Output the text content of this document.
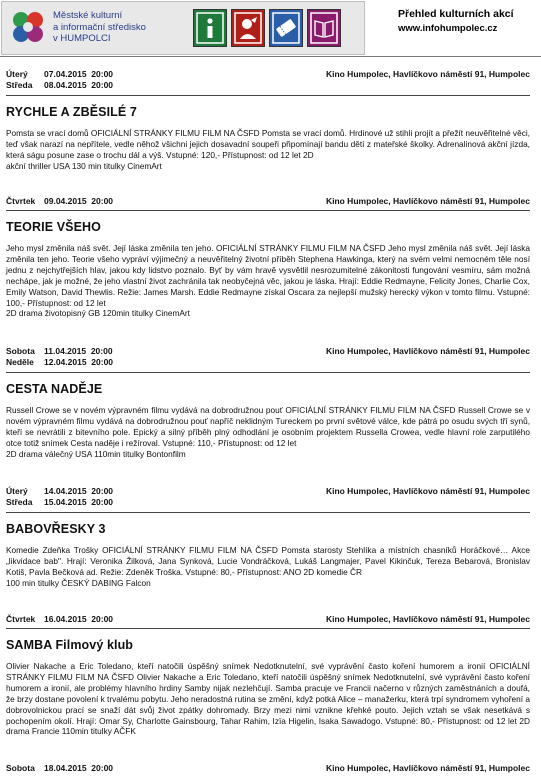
Městské kulturní
a informační středisko
v HUMPOLCI
Přehled kulturních akcí
www.infohumpolec.cz
Úterý 07.04.2015 20:00
Středa 08.04.2015 20:00
Kino Humpolec, Havlíčkovo náměstí 91, Humpolec
RYCHLE A ZBĚSILÉ 7
Pomsta se vrací domů OFICIÁLNÍ STRÁNKY FILMU FILM NA ČSFD Pomsta se vrací domů. Hrdinové už stihli projít a přežít neuvěřitelné věci, teď však narazí na nepřítele, vedle něhož všichni jejich dosavadní soupeři připomínají bandu dětí z mateřské školky. Adrenalinová akční jízda, která ságu posune zase o trochu dál a výš. Vstupné: 120,- Přístupnost: od 12 let 2D
akční thriller USA 130 min titulky CinemArt
Čtvrtek 09.04.2015 20:00	Kino Humpolec, Havlíčkovo náměstí 91, Humpolec
TEORIE VŠEHO
Jeho mysl změnila náš svět. Její láska změnila ten jeho. OFICIÁLNÍ STRÁNKY FILMU FILM NA ČSFD Jeho mysl změnila náš svět. Její láska změnila ten jeho. Teorie všeho vypráví výjimečný a neuvěřitelný životní příběh Stephena Hawkinga, který na svém velmi nemocném těle nosí jednu z nejchytřejších hlav, jakou kdy lidstvo poznalo. Byť by vám hravě vysvětlil nesrozumitelné zákonitosti fungování vesmíru, sám možná nechápe, jak je možné, že jeho vlastní život zachránila tak neobyčejná věc, jakou je láska. Hrají: Eddie Redmayne, Felicity Jones, Charlie Cox, Emily Watson, David Thewlis. Režie: James Marsh. Eddie Redmayne získal Oscara za nejlepší mužský herecký výkon v tomto filmu. Vstupné: 100,- Přístupnost: od 12 let
2D drama životopisný GB 120min titulky CinemArt
Sobota 11.04.2015 20:00
Neděle 12.04.2015 20:00
Kino Humpolec, Havlíčkovo náměstí 91, Humpolec
CESTA NADĚJE
Russell Crowe se v novém výpravném filmu vydává na dobrodružnou pouť OFICIÁLNÍ STRÁNKY FILMU FILM NA ČSFD Russell Crowe se v novém výpravném filmu vydává na dobrodružnou pouť napříč neklidným Tureckem po první světové válce, kde pátrá po osudu svých tří synů, kteří se nevrátili z bitevního pole. Epický a silný příběh plný odhodlání je osobním projektem Russella Crowea, vedle hlavní role zarputilého otce totiž snímek Cesta naděje i režíroval. Vstupné: 110,- Přístupnost: od 12 let
2D drama válečný USA 110min titulky Bontonfilm
Úterý 14.04.2015 20:00
Středa 15.04.2015 20:00
Kino Humpolec, Havlíčkovo náměstí 91, Humpolec
BABOVŘESKY 3
Komedie Zdeňka Trošky OFICIÁLNÍ STRÁNKY FILMU FILM NA ČSFD Pomsta starosty Stehlíka a místních chasníků Horáčkové… Akce „likvidace bab". Hrají: Veronika Žilková, Jana Synková, Lucie Vondráčková, Lukáš Langmajer, Pavel Kikinčuk, Tereza Bebarová, Bronislav Kotiš, Pavla Bečková ad. Režie: Zdeněk Troška. Vstupné: 80,- Přístupnost: ANO 2D komedie ČR
100 min titulky ČESKÝ DABING Falcon
Čtvrtek 16.04.2015 20:00	Kino Humpolec, Havlíčkovo náměstí 91, Humpolec
SAMBA Filmový klub
Olivier Nakache a Eric Toledano, kteří natočili úspěšný snímek Nedotknutelní, své vyprávění často koření humorem a ironií OFICIÁLNÍ STRÁNKY FILMU FILM NA ČSFD Olivier Nakache a Eric Toledano, kteří natočili úspěšný snímek Nedotknutelní, své vyprávění často koření humorem a ironií, ale problémy hlavního hrdiny Samby nijak nezlehčují. Samba pracuje ve Francii načerno v různých zaměstnáních a doufá, že brzy dostane povolení k trvalému pobytu. Jeho neradostná rutina se změní, když potká Alice – manažerku, která trpí syndromem vyhoření a dobrovolnickou prací se snaží dát svůj život zpátky dohromady. Brzy mezi nimi vznikne křehké pouto. Jejich vztah se však nesetkává s pochopením okolí. Hrají: Omar Sy, Charlotte Gainsbourg, Tahar Rahim, Izïa Higelin, Isaka Sawadogo. Vstupné: 80,- Přístupnost: od 12 let 2D drama Francie 110min titulky AČFK
Sobota 18.04.2015 20:00	Kino Humpolec, Havlíčkovo náměstí 91, Humpolec
